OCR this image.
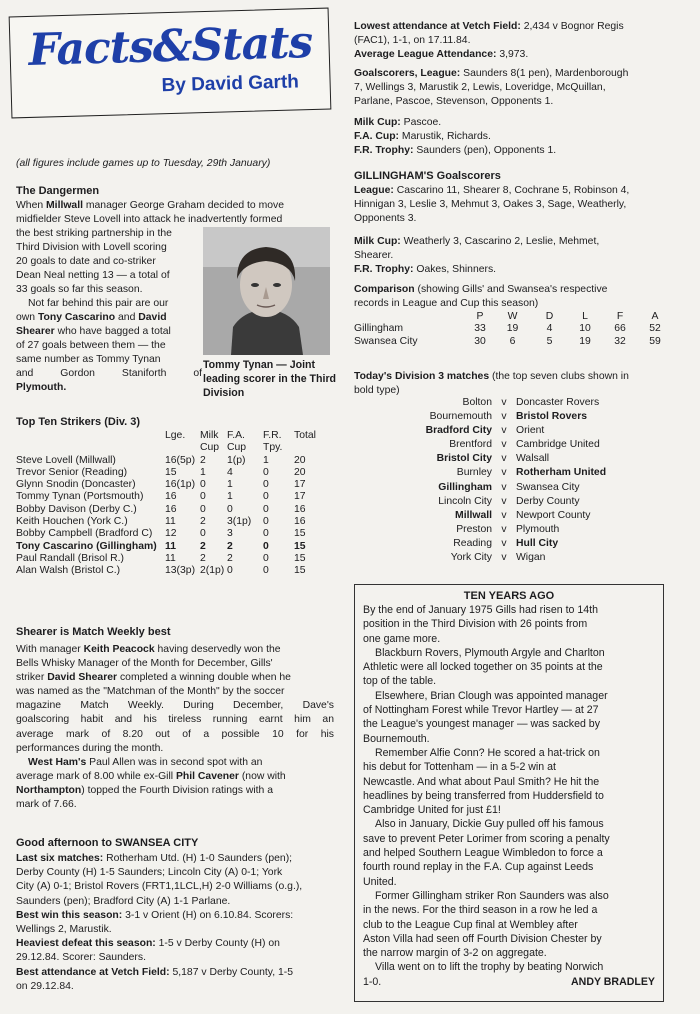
Facts&Stats
By David Garth
(all figures include games up to Tuesday, 29th January)
The Dangermen
When Millwall manager George Graham decided to move
midfielder Steve Lovell into attack he inadvertently formed
the best striking partnership in the
Third Division with Lovell scoring
20 goals to date and co-striker
Dean Neal netting 13 — a total of
33 goals so far this season.
Not far behind this pair are our
own Tony Cascarino and David
Shearer who have bagged a total
of 27 goals between them — the
same number as Tommy Tynan
and Gordon Staniforth of
Plymouth.
Tommy Tynan — Joint leading scorer in the Third Division
Top Ten Strikers (Div. 3)
	Lge.	Milk	F.A.	F.R.	Total
		Cup	Cup	Tpy.	
Steve Lovell (Millwall)	16(5p)	2	1(p)	1	20
Trevor Senior (Reading)	15	1	4	0	20
Glynn Snodin (Doncaster)	16(1p)	0	1	0	17
Tommy Tynan (Portsmouth)	16	0	1	0	17
Bobby Davison (Derby C.)	16	0	0	0	16
Keith Houchen (York C.)	11	2	3(1p)	0	16
Bobby Campbell (Bradford C)	12	0	3	0	15
Tony Cascarino (Gillingham)	11	2	2	0	15
Paul Randall (Brisol R.)	11	2	2	0	15
Alan Walsh (Bristol C.)	13(3p)	2(1p)	0	0	15
Shearer is Match Weekly best
With manager Keith Peacock having deservedly won the
Bells Whisky Manager of the Month for December, Gills'
striker David Shearer completed a winning double when he
was named as the "Matchman of the Month" by the soccer
magazine Match Weekly. During December, Dave's
goalscoring habit and his tireless running earnt him an
average mark of 8.20 out of a possible 10 for his
performances during the month.
West Ham's Paul Allen was in second spot with an
average mark of 8.00 while ex-Gill Phil Cavener (now with
Northampton) topped the Fourth Division ratings with a
mark of 7.66.
Good afternoon to SWANSEA CITY
Last six matches: Rotherham Utd. (H) 1-0 Saunders (pen);
Derby County (H) 1-5 Saunders; Lincoln City (A) 0-1; York
City (A) 0-1; Bristol Rovers (FRT1,1LCL,H) 2-0 Williams (o.g.),
Saunders (pen); Bradford City (A) 1-1 Parlane.
Best win this season: 3-1 v Orient (H) on 6.10.84. Scorers:
Wellings 2, Marustik.
Heaviest defeat this season: 1-5 v Derby County (H) on
29.12.84. Scorer: Saunders.
Best attendance at Vetch Field: 5,187 v Derby County, 1-5
on 29.12.84.
Lowest attendance at Vetch Field: 2,434 v Bognor Regis
(FAC1), 1-1, on 17.11.84.
Average League Attendance: 3,973.
Goalscorers, League: Saunders 8(1 pen), Mardenborough
7, Wellings 3, Marustik 2, Lewis, Loveridge, McQuillan,
Parlane, Pascoe, Stevenson, Opponents 1.
Milk Cup: Pascoe.
F.A. Cup: Marustik, Richards.
F.R. Trophy: Saunders (pen), Opponents 1.
GILLINGHAM'S Goalscorers
League: Cascarino 11, Shearer 8, Cochrane 5, Robinson 4,
Hinnigan 3, Leslie 3, Mehmut 3, Oakes 3, Sage, Weatherly,
Opponents 3.
Milk Cup: Weatherly 3, Cascarino 2, Leslie, Mehmet,
Shearer.
F.R. Trophy: Oakes, Shinners.
Comparison (showing Gills' and Swansea's respective
records in League and Cup this season)
	P	W	D	L	F	A
Gillingham	33	19	4	10	66	52
Swansea City	30	6	5	19	32	59
Today's Division 3 matches (the top seven clubs shown in
bold type)
Bolton	v	Doncaster Rovers
Bournemouth	v	Bristol Rovers
Bradford City	v	Orient
Brentford	v	Cambridge United
Bristol City	v	Walsall
Burnley	v	Rotherham United
Gillingham	v	Swansea City
Lincoln City	v	Derby County
Millwall	v	Newport County
Preston	v	Plymouth
Reading	v	Hull City
York City	v	Wigan
TEN YEARS AGO
By the end of January 1975 Gills had risen to 14th
position in the Third Division with 26 points from
one game more.
Blackburn Rovers, Plymouth Argyle and Charlton
Athletic were all locked together on 35 points at the
top of the table.
Elsewhere, Brian Clough was appointed manager
of Nottingham Forest while Trevor Hartley — at 27
the League's youngest manager — was sacked by
Bournemouth.
Remember Alfie Conn? He scored a hat-trick on
his debut for Tottenham — in a 5-2 win at
Newcastle. And what about Paul Smith? He hit the
headlines by being transferred from Huddersfield to
Cambridge United for just £1!
Also in January, Dickie Guy pulled off his famous
save to prevent Peter Lorimer from scoring a penalty
and helped Southern League Wimbledon to force a
fourth round replay in the F.A. Cup against Leeds
United.
Former Gillingham striker Ron Saunders was also
in the news. For the third season in a row he led a
club to the League Cup final at Wembley after
Aston Villa had seen off Fourth Division Chester by
the narrow margin of 3-2 on aggregate.
Villa went on to lift the trophy by beating Norwich
1-0.	ANDY BRADLEY
